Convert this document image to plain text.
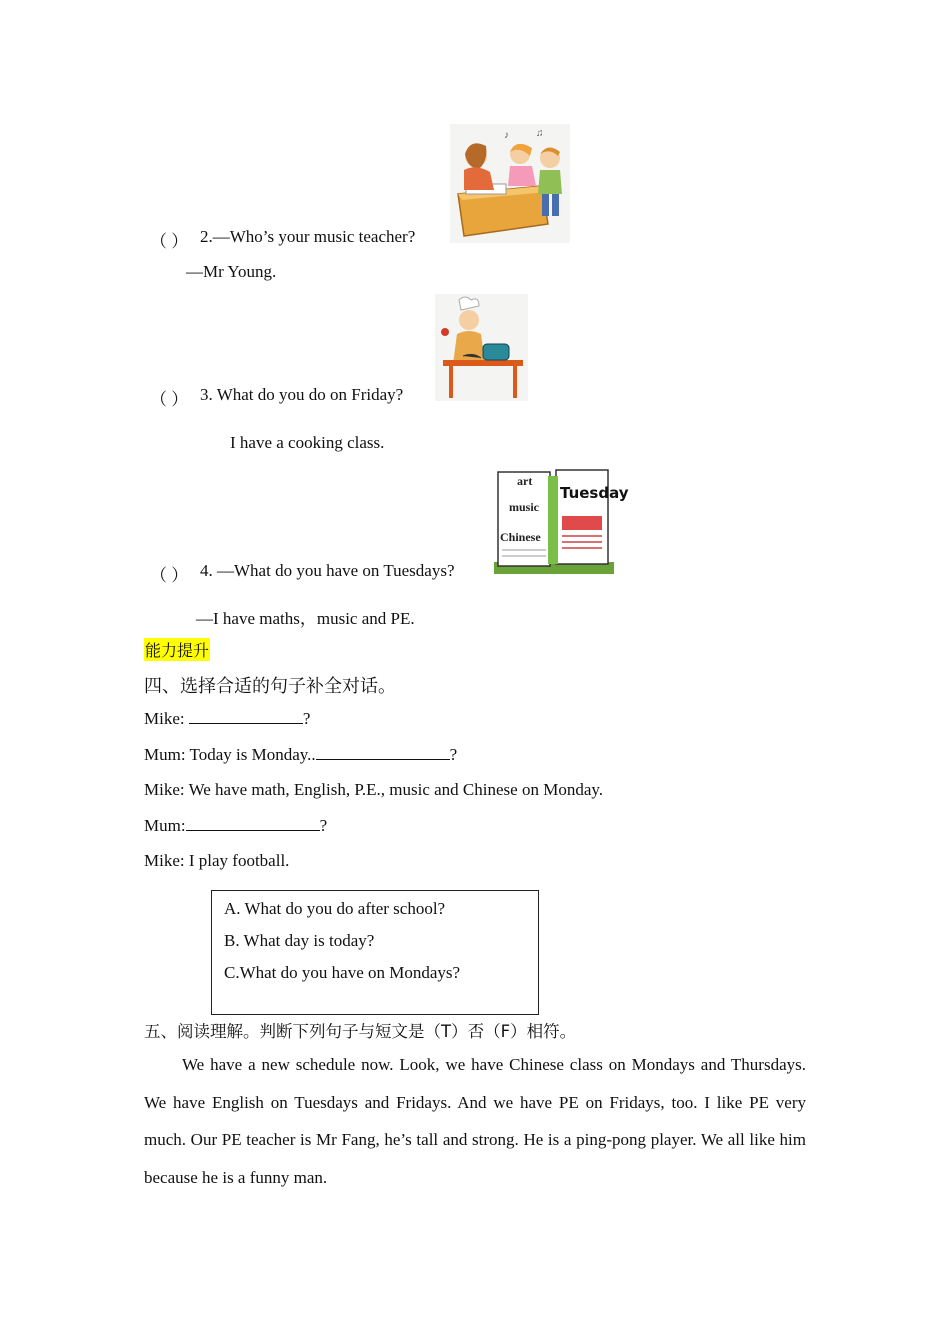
♪	♫
（ ） 2.—Who’s your music teacher?
—Mr Young.
（ ） 3. What do you do on Friday?
I have a cooking class.
art
music
Chinese
Tuesday
（ ） 4. —What do you have on Tuesdays?
—I have maths，music and PE.
能力提升
四、选择合适的句子补全对话。
Mike:	?
Mum: Today is Monday..	?
Mike: We have math, English, P.E., music and Chinese on Monday.
Mum:	?
Mike: I play football.
A. What do you do after school?
B. What day is today?
C.What do you have on Mondays?
五、阅读理解。判断下列句子与短文是（T）否（F）相符。
We have a new schedule now. Look, we have Chinese class on Mondays and Thursdays. We have English on Tuesdays and Fridays. And we have PE on Fridays, too. I like PE very much. Our PE teacher is Mr Fang, he’s tall and strong. He is a ping-pong player. We all like him because he is a funny man.
